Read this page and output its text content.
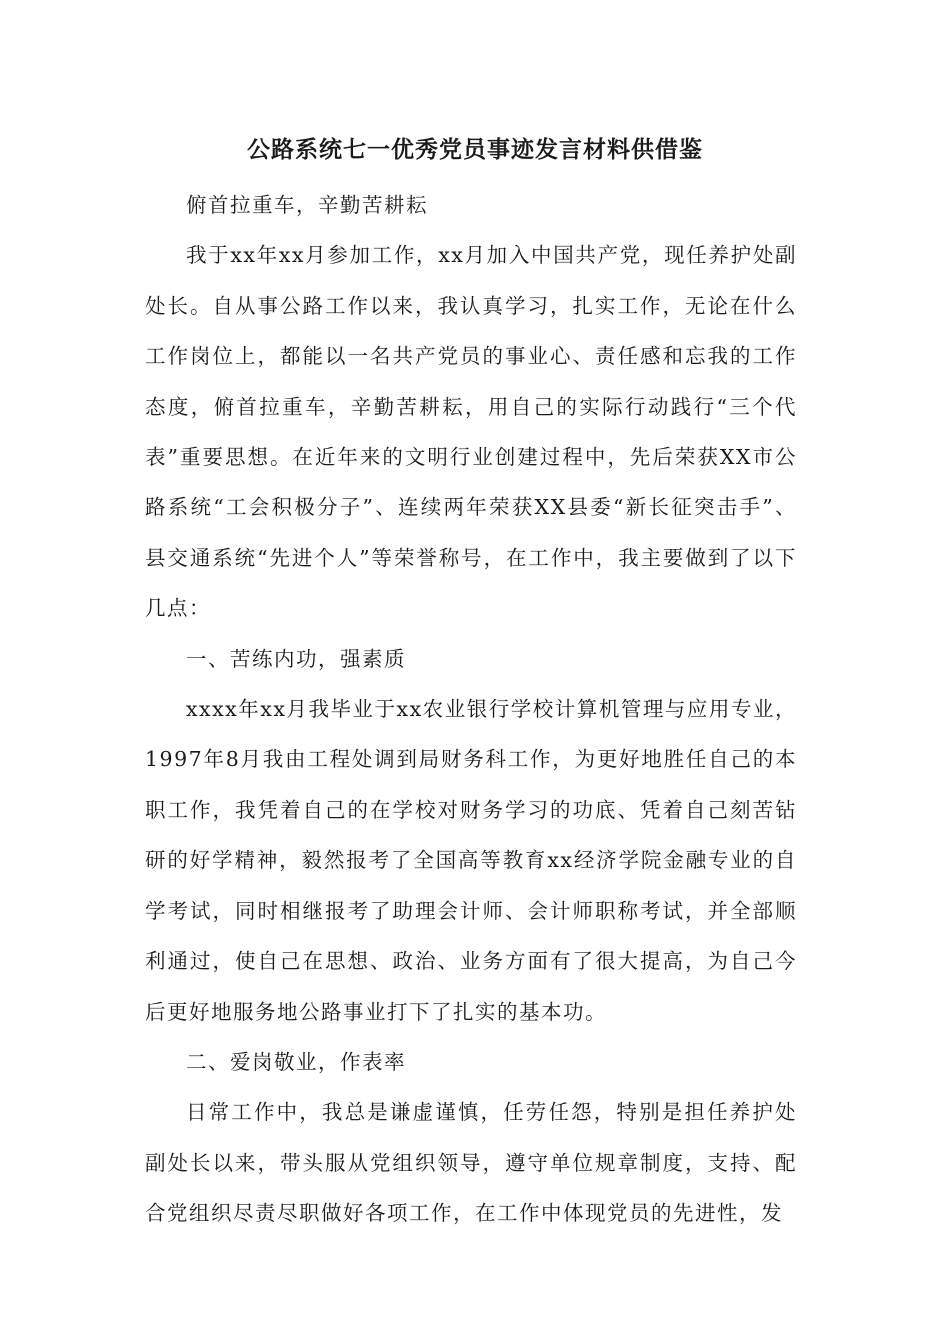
公路系统七一优秀党员事迹发言材料供借鉴

俯首拉重车，辛勤苦耕耘

我于xx年xx月参加工作，xx月加入中国共产党，现任养护处副处长。自从事公路工作以来，我认真学习，扎实工作，无论在什么工作岗位上，都能以一名共产党员的事业心、责任感和忘我的工作态度，俯首拉重车，辛勤苦耕耘，用自己的实际行动践行“三个代表”重要思想。在近年来的文明行业创建过程中，先后荣获XX市公路系统“工会积极分子”、连续两年荣获XX县委“新长征突击手”、县交通系统“先进个人”等荣誉称号，在工作中，我主要做到了以下几点：

一、苦练内功，强素质

xxxx年xx月我毕业于xx农业银行学校计算机管理与应用专业，1997年8月我由工程处调到局财务科工作，为更好地胜任自己的本职工作，我凭着自己的在学校对财务学习的功底、凭着自己刻苦钻研的好学精神，毅然报考了全国高等教育xx经济学院金融专业的自学考试，同时相继报考了助理会计师、会计师职称考试，并全部顺利通过，使自己在思想、政治、业务方面有了很大提高，为自己今后更好地服务地公路事业打下了扎实的基本功。

二、爱岗敬业，作表率

日常工作中，我总是谦虚谨慎，任劳任怨，特别是担任养护处副处长以来，带头服从党组织领导，遵守单位规章制度，支持、配合党组织尽责尽职做好各项工作，在工作中体现党员的先进性，发
